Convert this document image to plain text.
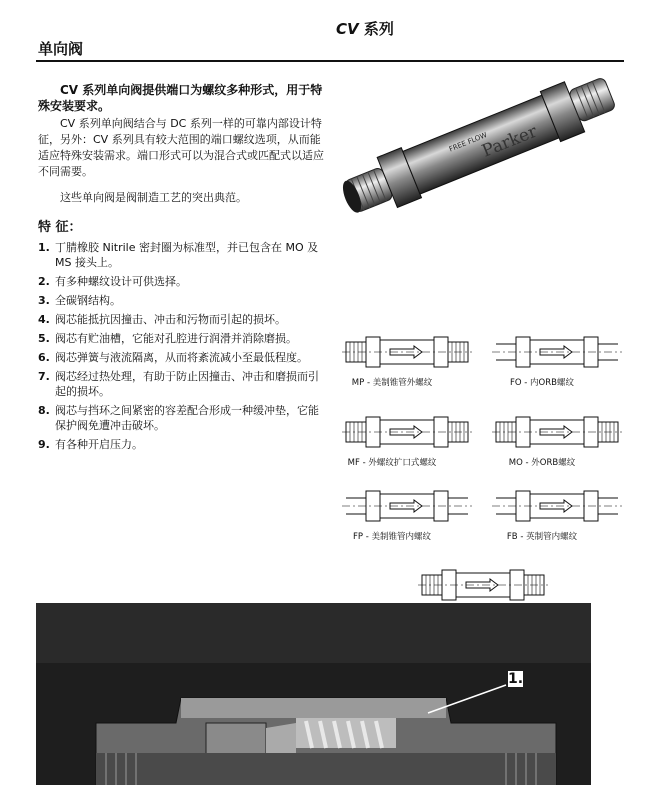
CV 系列
单向阀

CV 系列单向阀提供端口为螺纹多种形式，用于特殊安装要求。

CV 系列单向阀结合与 DC 系列一样的可靠内部设计特征，另外：CV 系列具有较大范围的端口螺纹选项，从而能适应特殊安装需求。端口形式可以为混合式或匹配式以适应不同需要。

这些单向阀是阀制造工艺的突出典范。

特 征：
1. 丁腈橡胶 Nitrile 密封圈为标准型，并已包含在 MO 及 MS 接头上。
2. 有多种螺纹设计可供选择。
3. 全碳钢结构。
4. 阀芯能抵抗因撞击、冲击和污物而引起的损坏。
5. 阀芯有贮油槽，它能对孔腔进行润滑并消除磨损。
6. 阀芯弹簧与液流隔离，从而将紊流减小至最低程度。
7. 阀芯经过热处理，有助于防止因撞击、冲击和磨损而引起的损坏。
8. 阀芯与挡环之间紧密的容差配合形成一种缓冲垫，它能保护阀免遭冲击破坏。
9. 有各种开启压力。
FREE FLOW
Parker
MP - 美制锥管外螺纹	FO - 内ORB螺纹
MF - 外螺纹扩口式螺纹	MO - 外ORB螺纹
FP - 美制锥管内螺纹	FB - 英制管内螺纹
1.
